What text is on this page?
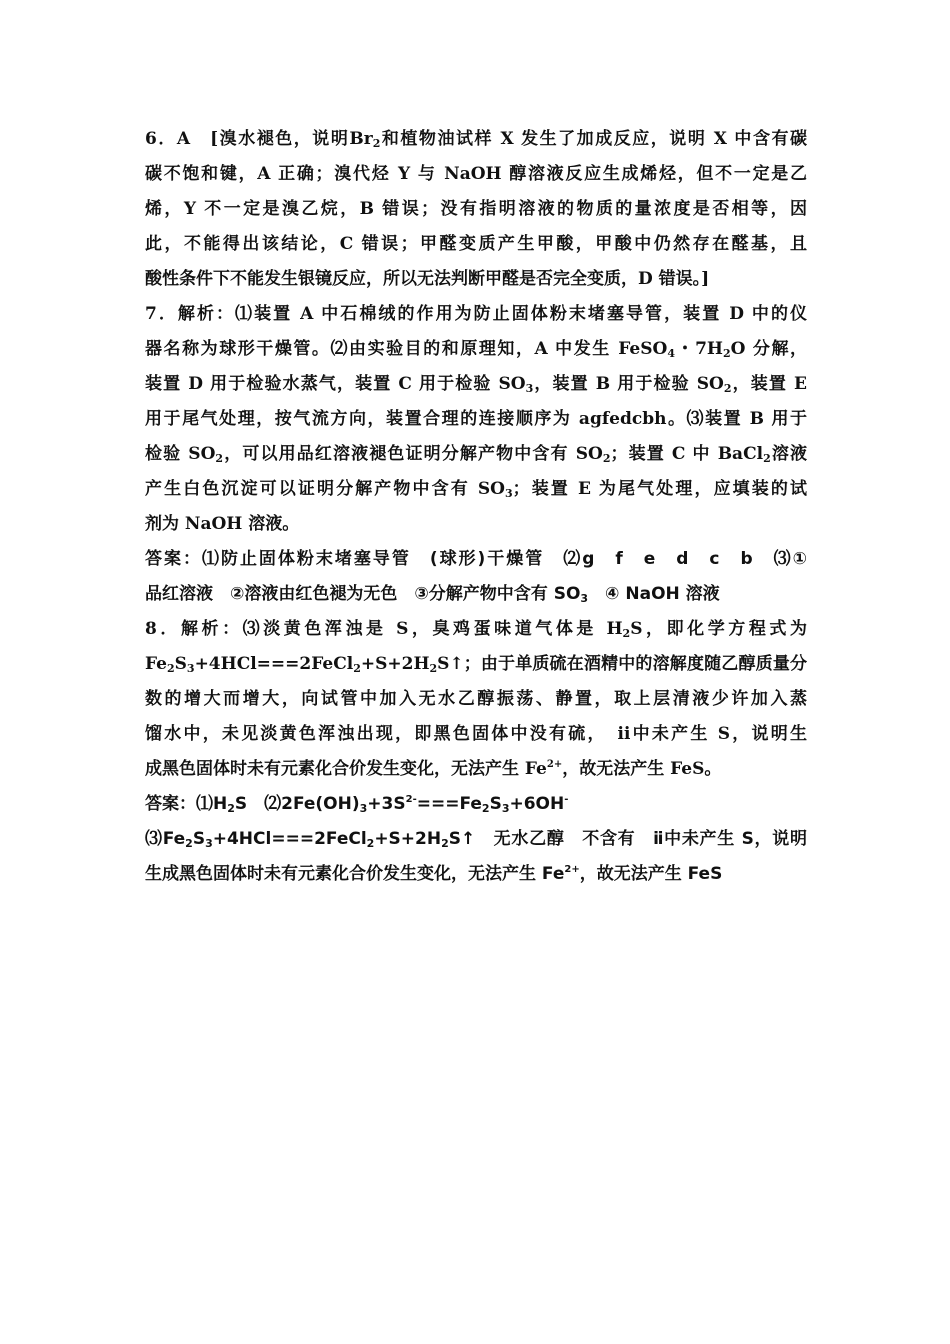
6．A　[溴水褪色，说明$Br_2$和植物油试样 X 发生了加成反应，说明 X 中含有碳
碳不饱和键，A 正确；溴代烃 Y 与 NaOH 醇溶液反应生成烯烃，但不一定是乙
烯，Y 不一定是溴乙烷，B 错误；没有指明溶液的物质的量浓度是否相等，因
此，不能得出该结论，C 错误；甲醛变质产生甲酸，甲酸中仍然存在醛基，且
酸性条件下不能发生银镜反应，所以无法判断甲醛是否完全变质，D 错误。]
7．解析：⑴装置 A 中石棉绒的作用为防止固体粉末堵塞导管，装置 D 中的仪
器名称为球形干燥管。⑵由实验目的和原理知，A 中发生 FeSO$_4$・$7H_2O$ 分解，
装置 D 用于检验水蒸气，装置 C 用于检验 $SO_3$，装置 B 用于检验 $SO_2$，装置 E
用于尾气处理，按气流方向，装置合理的连接顺序为 agfedcbh。⑶装置 B 用于
检验 $SO_2$，可以用品红溶液褪色证明分解产物中含有 $SO_2$；装置 C 中 BaCl$_2$溶液
产生白色沉淀可以证明分解产物中含有 $SO_3$；装置 E 为尾气处理，应填装的试
剂为 NaOH 溶液。
答案：⑴防止固体粉末堵塞导管　(球形)干燥管　⑵g　f　e　d　c　b　⑶①
品红溶液　②溶液由红色褪为无色　③分解产物中含有 $SO_3$　④ NaOH 溶液
8．解析：⑶淡黄色浑浊是 S，臭鸡蛋味道气体是 $H_2S$，即化学方程式为
$Fe_2S_3+4HCl===2FeCl_2+S+2H_2S↑$；由于单质硫在酒精中的溶解度随乙醇质量分
数的增大而增大，向试管中加入无水乙醇振荡、静置，取上层清液少许加入蒸
馏水中，未见淡黄色浑浊出现，即黑色固体中没有硫，　ⅱ中未产生 S，说明生
成黑色固体时未有元素化合价发生变化，无法产生 $Fe^{2+}$，故无法产生 FeS。
答案：$⑴H_2S$　$⑵2Fe(OH)_3+3S^{2-}===Fe_2S_3+6OH^-$
$⑶Fe_2S_3+4HCl===2FeCl_2+S+2H_2S↑$　无水乙醇　不含有　ⅱ中未产生 S，说明
生成黑色固体时未有元素化合价发生变化，无法产生 $Fe^{2+}$，故无法产生 FeS
